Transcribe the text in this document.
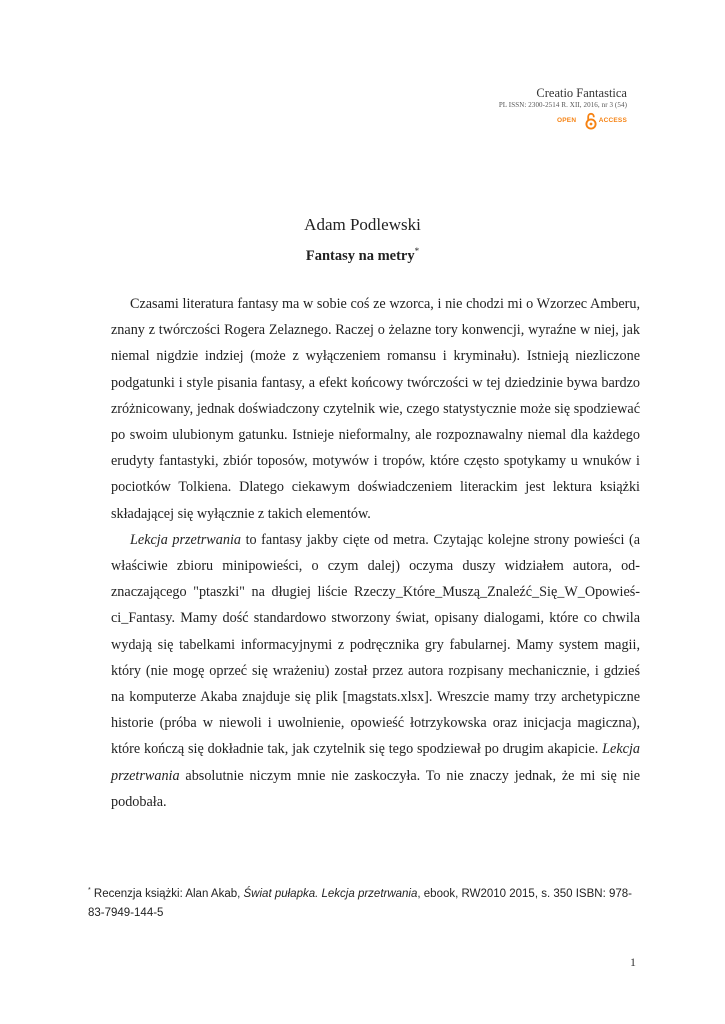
Creatio Fantastica
PL ISSN: 2300-2514 R. XII, 2016, nr 3 (54)
OPEN	ACCESS
Adam Podlewski
Fantasy na metry*

Czasami literatura fantasy ma w sobie coś ze wzorca, i nie chodzi mi o Wzorzec Amberu, znany z twórczości Rogera Zelaznego. Raczej o żelazne tory konwencji, wyraźne w niej, jak niemal nigdzie indziej (może z wyłączeniem romansu i kryminału). Istnieją niezliczone podgatunki i style pisania fantasy, a efekt końcowy twórczości w tej dziedzinie bywa bardzo zróżnicowany, jednak doświadczony czytelnik wie, czego statystycznie może się spodziewać po swoim ulubionym gatunku. Istnieje nieformalny, ale rozpoznawalny niemal dla każdego erudyty fantastyki, zbiór toposów, motywów i tropów, które często spotykamy u wnuków i pociotków Tolkiena. Dlatego ciekawym doświadczeniem literackim jest lektura książki składającej się wyłącznie z takich elementów.

Lekcja przetrwania to fantasy jakby cięte od metra. Czytając kolejne strony powieści (a właściwie zbioru minipowieści, o czym dalej) oczyma duszy widziałem autora, odznaczającego "ptaszki" na długiej liście Rzeczy_Które_Muszą_Znaleźć_Się_W_Opowieści_Fantasy. Mamy dość standardowo stworzony świat, opisany dialogami, które co chwila wydają się tabelkami informacyjnymi z podręcznika gry fabularnej. Mamy system magii, który (nie mogę oprzeć się wrażeniu) został przez autora rozpisany mechanicznie, i gdzieś na komputerze Akaba znajduje się plik [magstats.xlsx]. Wreszcie mamy trzy archetypiczne historie (próba w niewoli i uwolnienie, opowieść łotrzykowska oraz inicjacja magiczna), które kończą się dokładnie tak, jak czytelnik się tego spodziewał po drugim akapicie. Lekcja przetrwania absolutnie niczym mnie nie zaskoczyła. To nie znaczy jednak, że mi się nie podobała.

* Recenzja książki: Alan Akab, Świat pułapka. Lekcja przetrwania, ebook, RW2010 2015, s. 350 ISBN: 978-83-7949-144-5
1
